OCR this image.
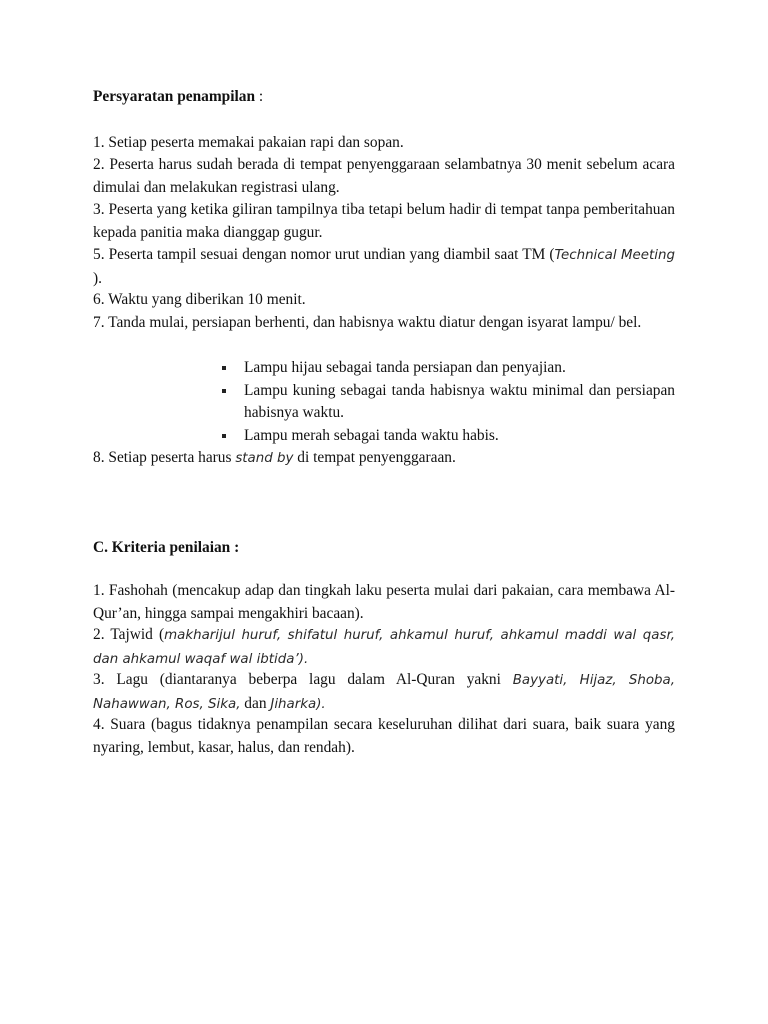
Persyaratan penampilan :

1. Setiap peserta memakai pakaian rapi dan sopan.

2. Peserta harus sudah berada di tempat penyenggaraan selambatnya 30 menit sebelum acara dimulai dan melakukan registrasi ulang.

3. Peserta yang ketika giliran tampilnya tiba tetapi belum hadir di tempat tanpa pemberitahuan kepada panitia maka dianggap gugur.

5. Peserta tampil sesuai dengan nomor urut undian yang diambil saat TM (Technical Meeting ).

6. Waktu yang diberikan 10 menit.

7. Tanda mulai, persiapan berhenti, dan habisnya waktu diatur dengan isyarat lampu/ bel.

Lampu hijau sebagai tanda persiapan dan penyajian.
Lampu kuning sebagai tanda habisnya waktu minimal dan persiapan habisnya waktu.
Lampu merah sebagai tanda waktu habis.

8. Setiap peserta harus stand by di tempat penyenggaraan.

C. Kriteria penilaian :

1. Fashohah (mencakup adap dan tingkah laku peserta mulai dari pakaian, cara membawa Al-Qur’an, hingga sampai mengakhiri bacaan).

2. Tajwid (makharijul huruf, shifatul huruf, ahkamul huruf, ahkamul maddi wal qasr, dan ahkamul waqaf wal ibtida’).

3. Lagu (diantaranya beberpa lagu dalam Al-Quran yakni Bayyati, Hijaz, Shoba, Nahawwan, Ros, Sika, dan Jiharka).

4. Suara (bagus tidaknya penampilan secara keseluruhan dilihat dari suara, baik suara yang nyaring, lembut, kasar, halus, dan rendah).
